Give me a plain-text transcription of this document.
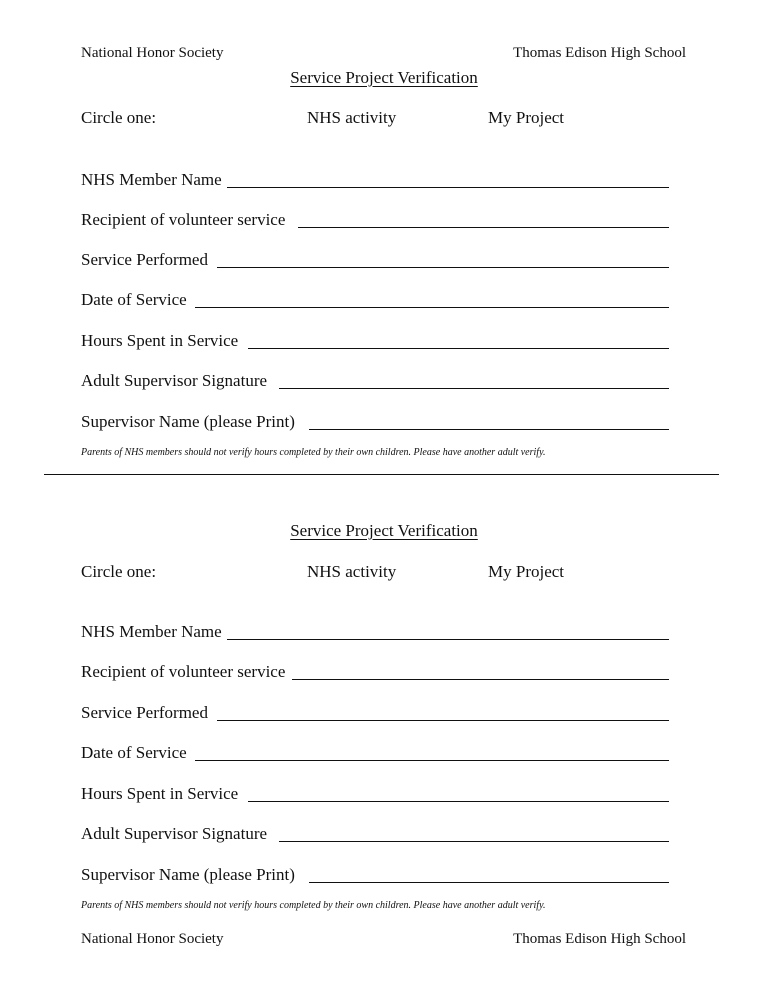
National Honor Society	Thomas Edison High School
Service Project Verification
Circle one:	NHS activity	My Project
NHS Member Name
Recipient of volunteer service
Service Performed
Date of Service
Hours Spent in Service
Adult Supervisor Signature
Supervisor Name (please Print)
Parents of NHS members should not verify hours completed by their own children. Please have another adult verify.
Service Project Verification
Circle one:	NHS activity	My Project
NHS Member Name
Recipient of volunteer service
Service Performed
Date of Service
Hours Spent in Service
Adult Supervisor Signature
Supervisor Name (please Print)
Parents of NHS members should not verify hours completed by their own children. Please have another adult verify.
National Honor Society	Thomas Edison High School
